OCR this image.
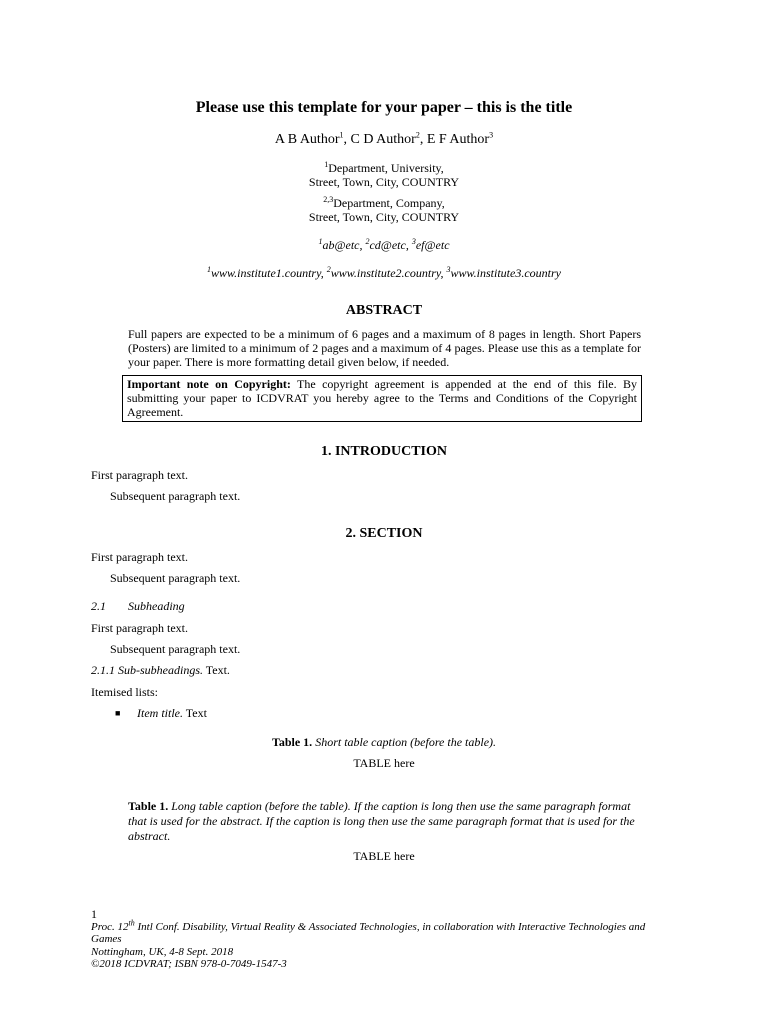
Please use this template for your paper – this is the title
A B Author$^1$, C D Author$^2$, E F Author$^3$
$^1$Department, University,
Street, Town, City, COUNTRY
$^{2,3}$Department, Company,
Street, Town, City, COUNTRY
$^1$ab@etc, $^2$cd@etc, $^3$ef@etc
$^1$www.institute1.country, $^2$www.institute2.country, $^3$www.institute3.country
ABSTRACT
Full papers are expected to be a minimum of 6 pages and a maximum of 8 pages in length. Short Papers (Posters) are limited to a minimum of 2 pages and a maximum of 4 pages. Please use this as a template for your paper. There is more formatting detail given below, if needed.
Important note on Copyright: The copyright agreement is appended at the end of this file. By submitting your paper to ICDVRAT you hereby agree to the Terms and Conditions of the Copyright Agreement.
1. INTRODUCTION
First paragraph text.
Subsequent paragraph text.
2. SECTION
First paragraph text.
Subsequent paragraph text.
2.1 Subheading
First paragraph text.
Subsequent paragraph text.
2.1.1 Sub-subheadings. Text.
Itemised lists:
■ Item title. Text
Table 1. Short table caption (before the table).
TABLE here
Table 1. Long table caption (before the table). If the caption is long then use the same paragraph format that is used for the abstract. If the caption is long then use the same paragraph format that is used for the abstract.
TABLE here
1
Proc. 12th Intl Conf. Disability, Virtual Reality & Associated Technologies, in collaboration with Interactive Technologies and Games
Nottingham, UK, 4-8 Sept. 2018
©2018 ICDVRAT; ISBN 978-0-7049-1547-3
